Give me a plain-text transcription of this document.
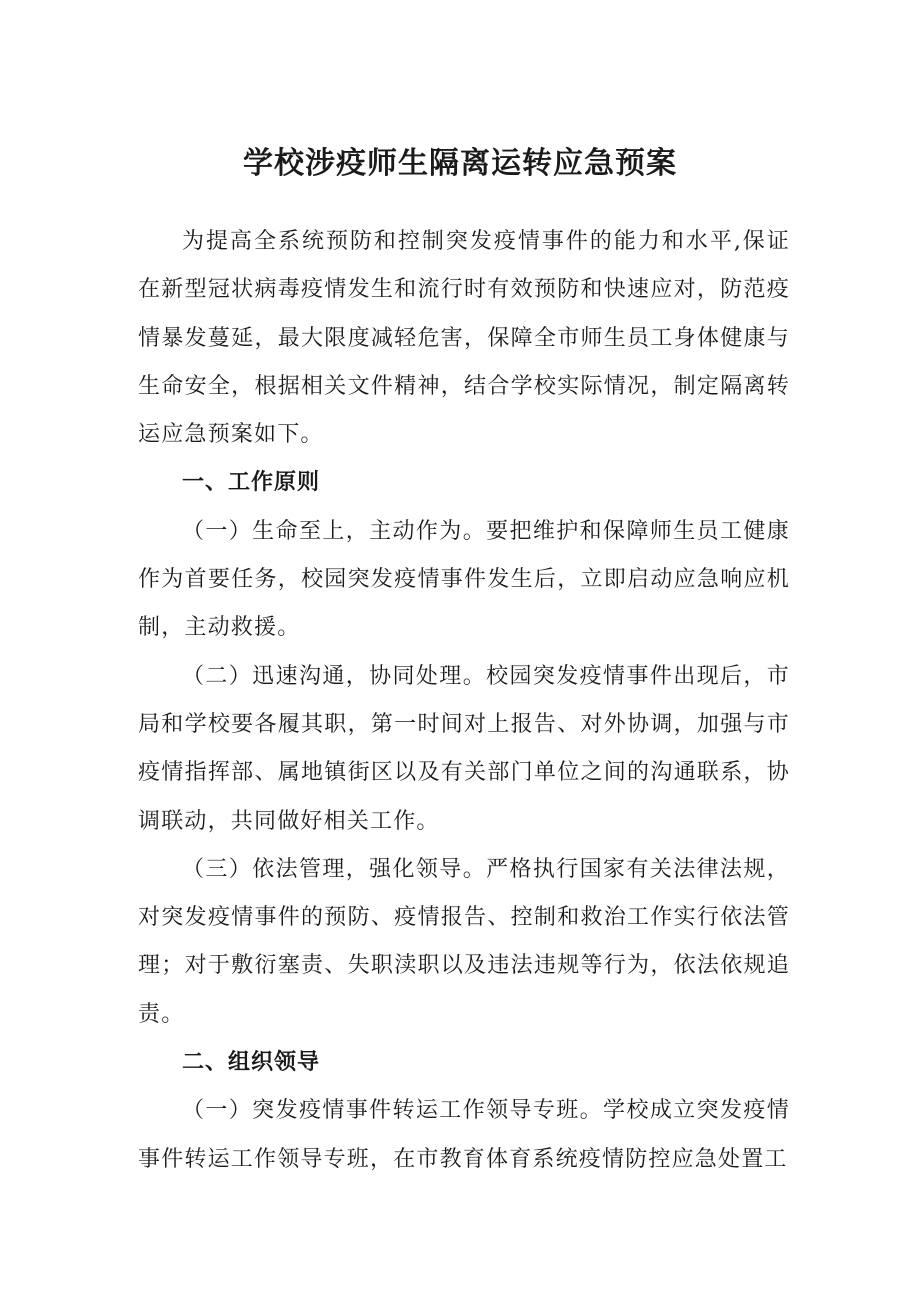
学校涉疫师生隔离运转应急预案

为提高全系统预防和控制突发疫情事件的能力和水平,保证在新型冠状病毒疫情发生和流行时有效预防和快速应对，防范疫情暴发蔓延，最大限度减轻危害，保障全市师生员工身体健康与生命安全，根据相关文件精神，结合学校实际情况，制定隔离转运应急预案如下。

一、工作原则

（一）生命至上，主动作为。要把维护和保障师生员工健康作为首要任务，校园突发疫情事件发生后，立即启动应急响应机制，主动救援。

（二）迅速沟通，协同处理。校园突发疫情事件出现后，市局和学校要各履其职，第一时间对上报告、对外协调，加强与市疫情指挥部、属地镇街区以及有关部门单位之间的沟通联系，协调联动，共同做好相关工作。

（三）依法管理，强化领导。严格执行国家有关法律法规，对突发疫情事件的预防、疫情报告、控制和救治工作实行依法管理；对于敷衍塞责、失职渎职以及违法违规等行为，依法依规追责。

二、组织领导

（一）突发疫情事件转运工作领导专班。学校成立突发疫情事件转运工作领导专班，在市教育体育系统疫情防控应急处置工
